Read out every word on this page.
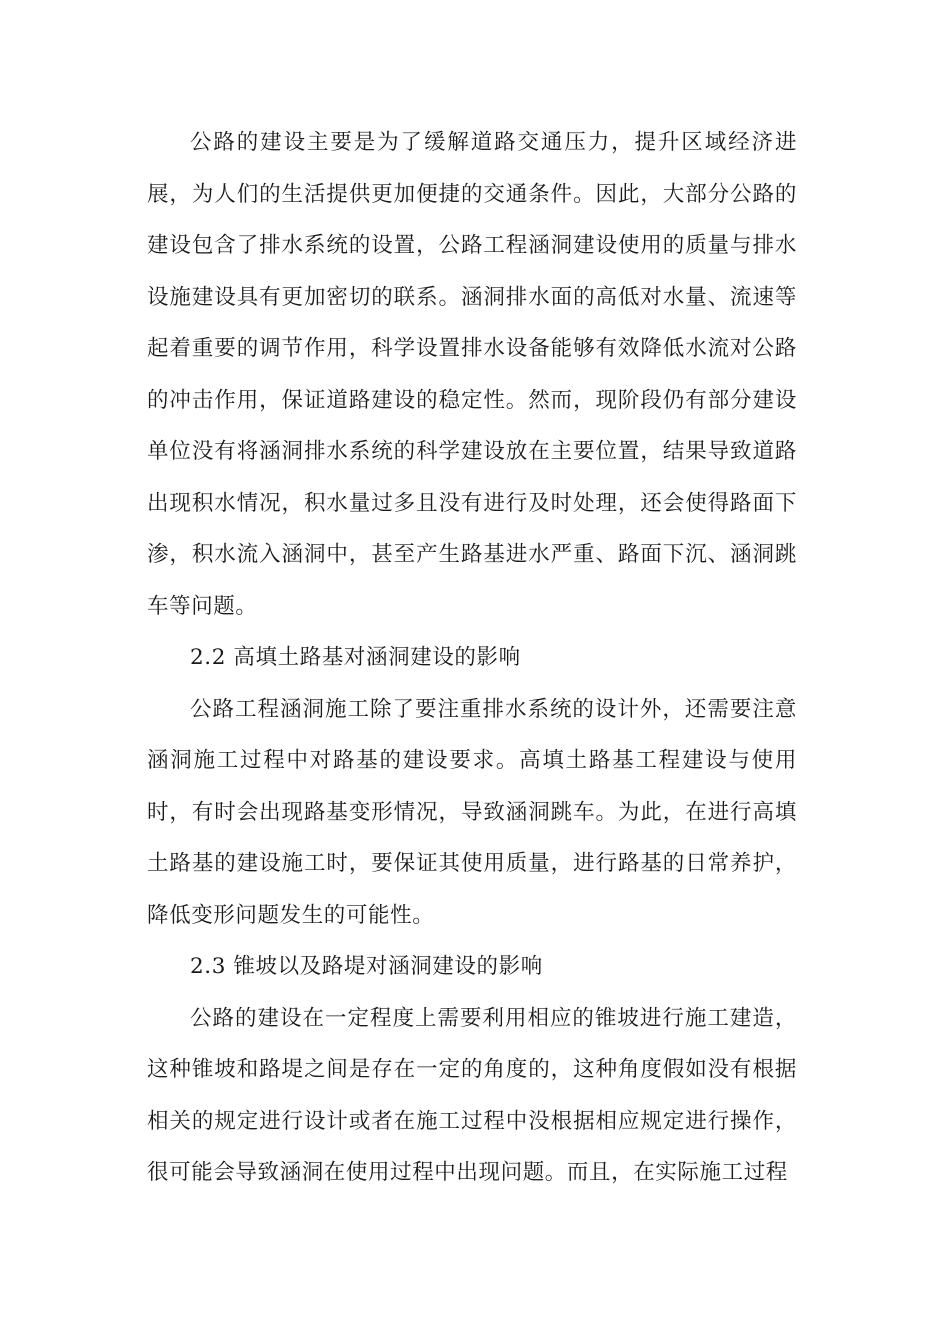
公路的建设主要是为了缓解道路交通压力，提升区域经济进展，为人们的生活提供更加便捷的交通条件。因此，大部分公路的建设包含了排水系统的设置，公路工程涵洞建设使用的质量与排水设施建设具有更加密切的联系。涵洞排水面的高低对水量、流速等起着重要的调节作用，科学设置排水设备能够有效降低水流对公路的冲击作用，保证道路建设的稳定性。然而，现阶段仍有部分建设单位没有将涵洞排水系统的科学建设放在主要位置，结果导致道路出现积水情况，积水量过多且没有进行及时处理，还会使得路面下渗，积水流入涵洞中，甚至产生路基进水严重、路面下沉、涵洞跳车等问题。

2.2 高填土路基对涵洞建设的影响

公路工程涵洞施工除了要注重排水系统的设计外，还需要注意涵洞施工过程中对路基的建设要求。高填土路基工程建设与使用时，有时会出现路基变形情况，导致涵洞跳车。为此，在进行高填土路基的建设施工时，要保证其使用质量，进行路基的日常养护，降低变形问题发生的可能性。

2.3 锥坡以及路堤对涵洞建设的影响

公路的建设在一定程度上需要利用相应的锥坡进行施工建造，这种锥坡和路堤之间是存在一定的角度的，这种角度假如没有根据相关的规定进行设计或者在施工过程中没根据相应规定进行操作，很可能会导致涵洞在使用过程中出现问题。而且，在实际施工过程
